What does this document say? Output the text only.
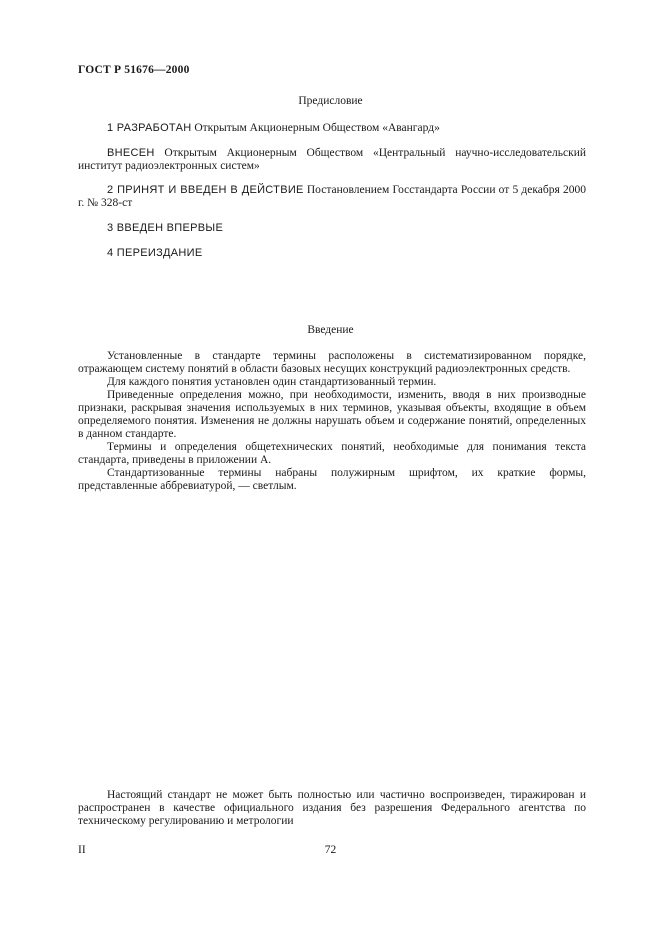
ГОСТ Р 51676—2000
Предисловие
1 РАЗРАБОТАН Открытым Акционерным Обществом «Авангард»
ВНЕСЕН Открытым Акционерным Обществом «Центральный научно-исследовательский институт радиоэлектронных систем»
2 ПРИНЯТ И ВВЕДЕН В ДЕЙСТВИЕ Постановлением Госстандарта России от 5 декабря 2000 г. № 328-ст
3 ВВЕДЕН ВПЕРВЫЕ
4 ПЕРЕИЗДАНИЕ
Введение

Установленные в стандарте термины расположены в систематизированном порядке, отражающем систему понятий в области базовых несущих конструкций радиоэлектронных средств.

Для каждого понятия установлен один стандартизованный термин.

Приведенные определения можно, при необходимости, изменить, вводя в них производные признаки, раскрывая значения используемых в них терминов, указывая объекты, входящие в объем определяемого понятия. Изменения не должны нарушать объем и содержание понятий, определенных в данном стандарте.

Термины и определения общетехнических понятий, необходимые для понимания текста стандарта, приведены в приложении А.

Стандартизованные термины набраны полужирным шрифтом, их краткие формы, представленные аббревиатурой, — светлым.

Настоящий стандарт не может быть полностью или частично воспроизведен, тиражирован и распространен в качестве официального издания без разрешения Федерального агентства по техническому регулированию и метрологии
II	72
